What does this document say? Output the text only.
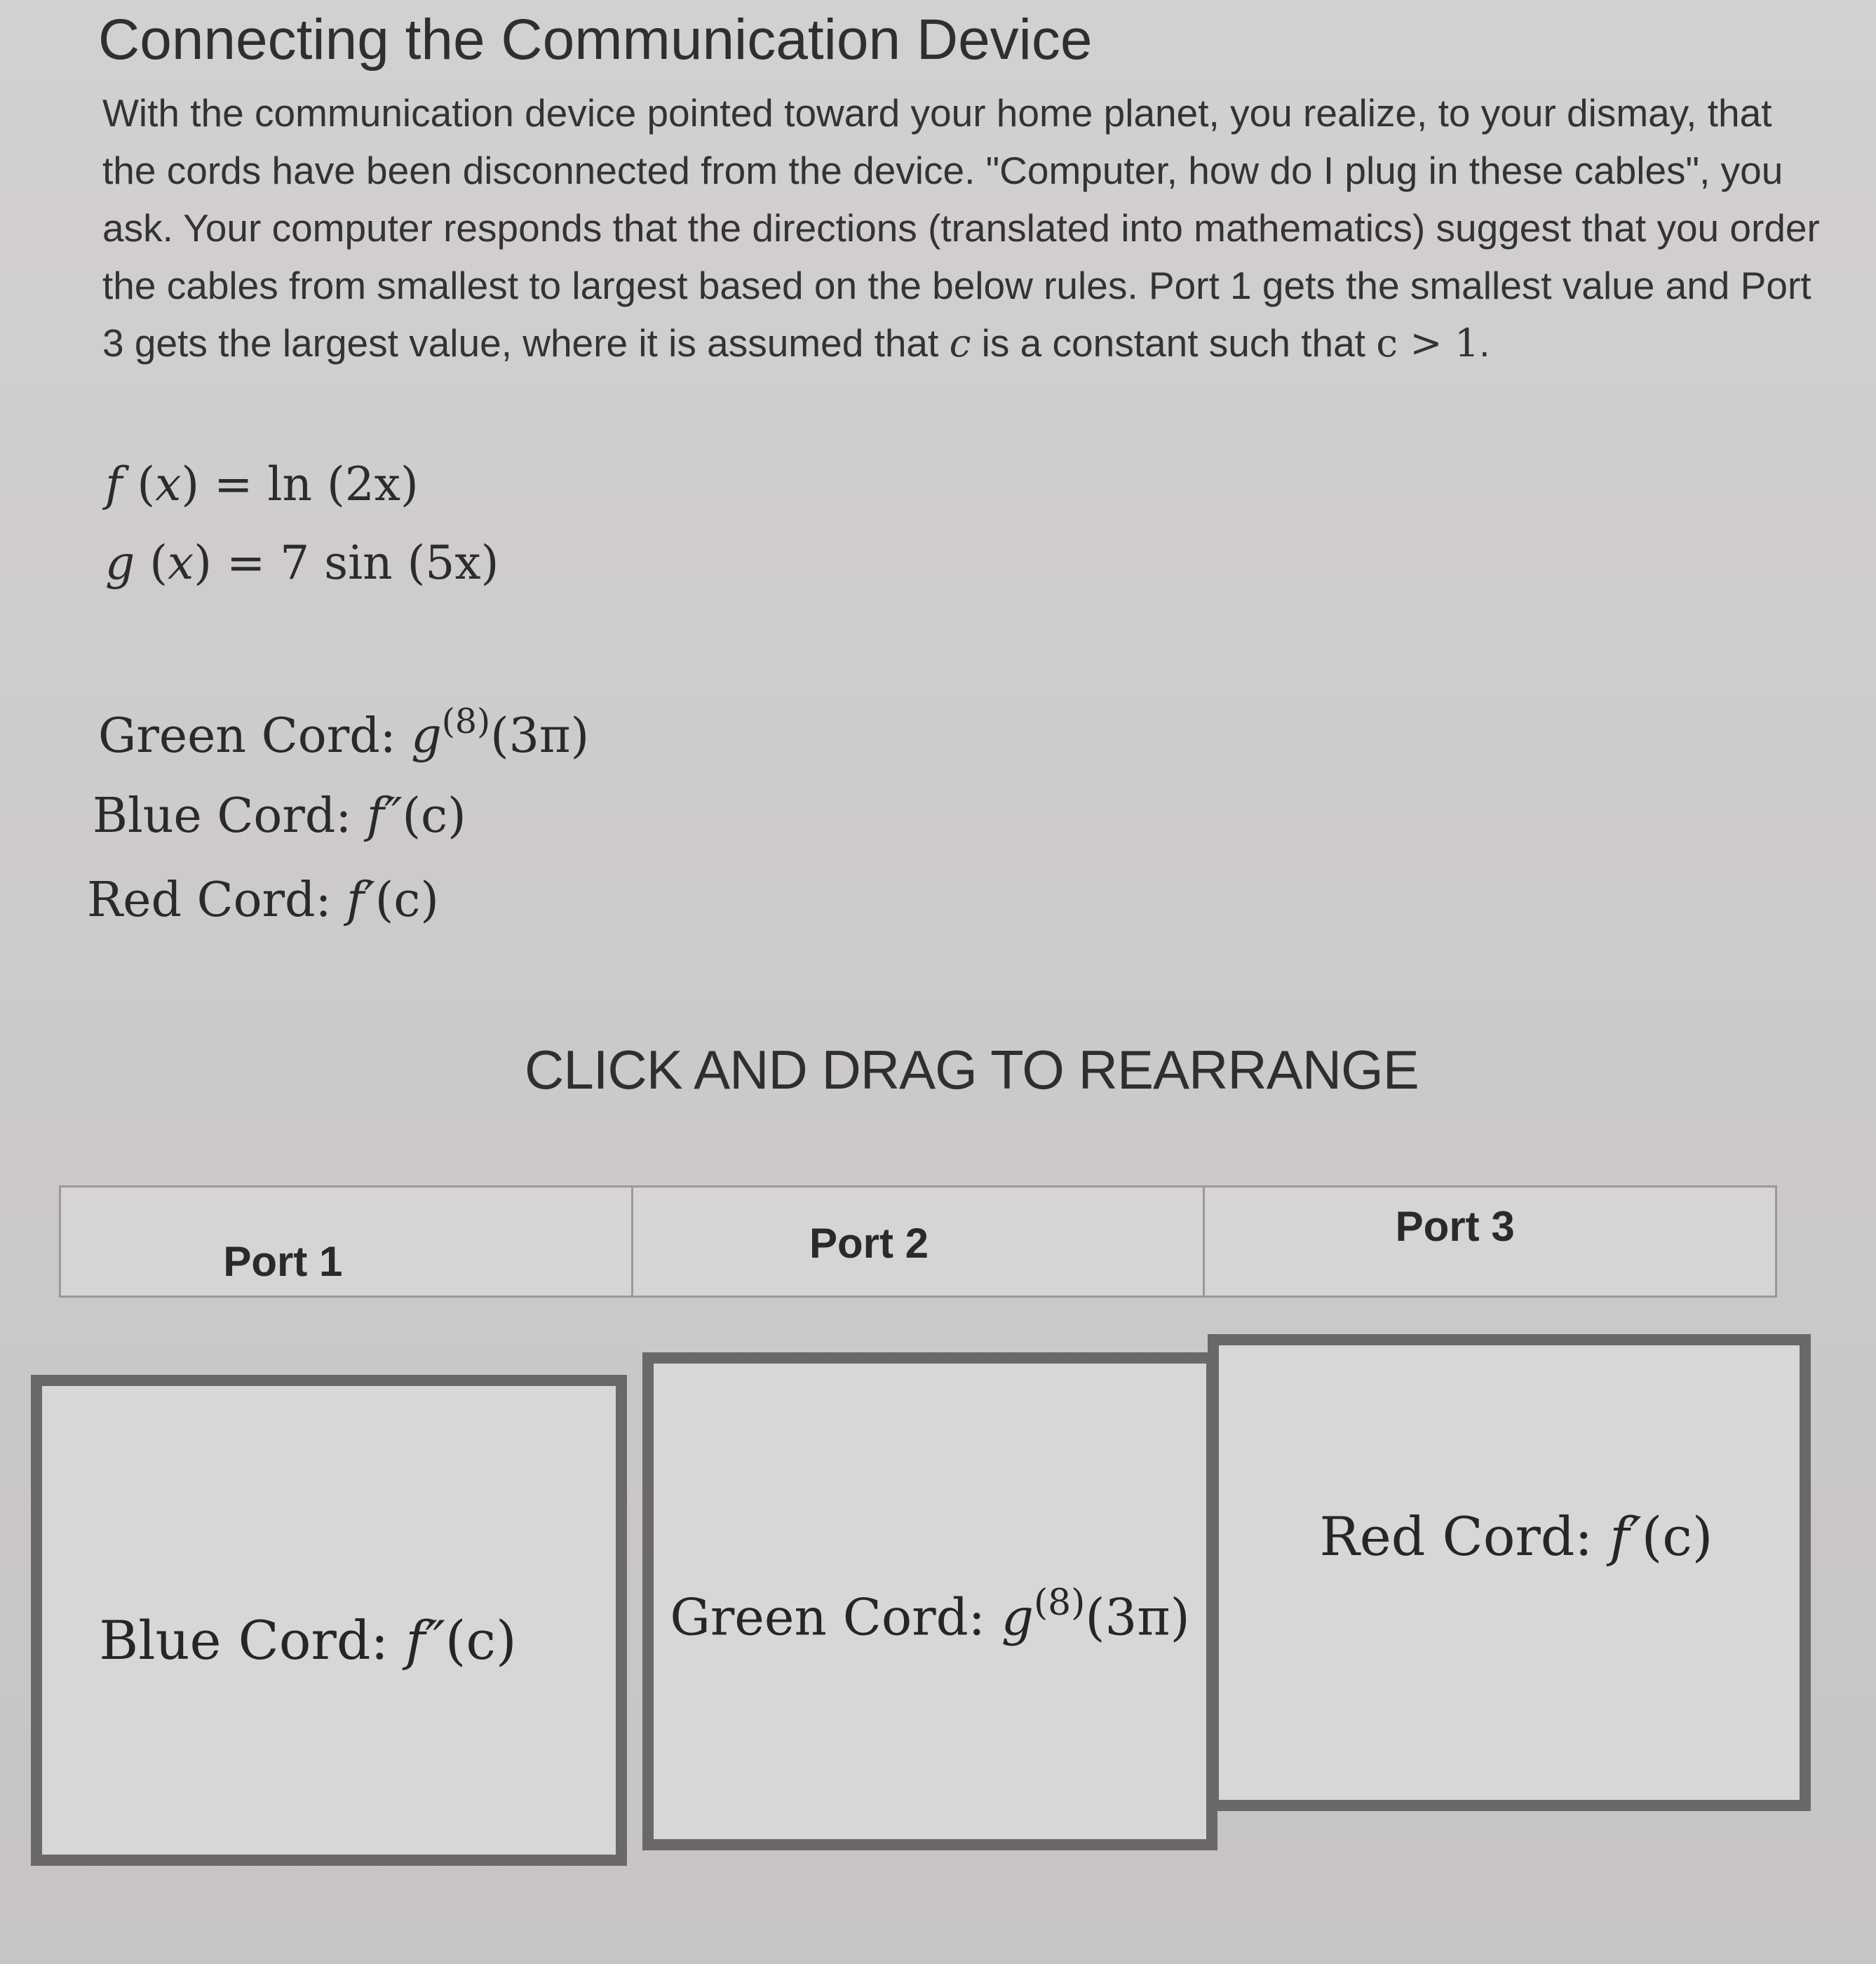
Connecting the Communication Device
With the communication device pointed toward your home planet, you realize, to your dismay, that the cords have been disconnected from the device. "Computer, how do I plug in these cables", you ask. Your computer responds that the directions (translated into mathematics) suggest that you order the cables from smallest to largest based on the below rules. Port 1 gets the smallest value and Port 3 gets the largest value, where it is assumed that c is a constant such that c > 1.
f (x) = ln (2x)
g (x) = 7 sin (5x)
Green Cord: $g^{(8)}(3\pi)$
Blue Cord: f″(c)
Red Cord: f′(c)
CLICK AND DRAG TO REARRANGE
Port 1	Port 2	Port 3
Blue Cord: f″(c)	Green Cord: $g^{(8)}(3\pi)$
Red Cord: f′(c)
